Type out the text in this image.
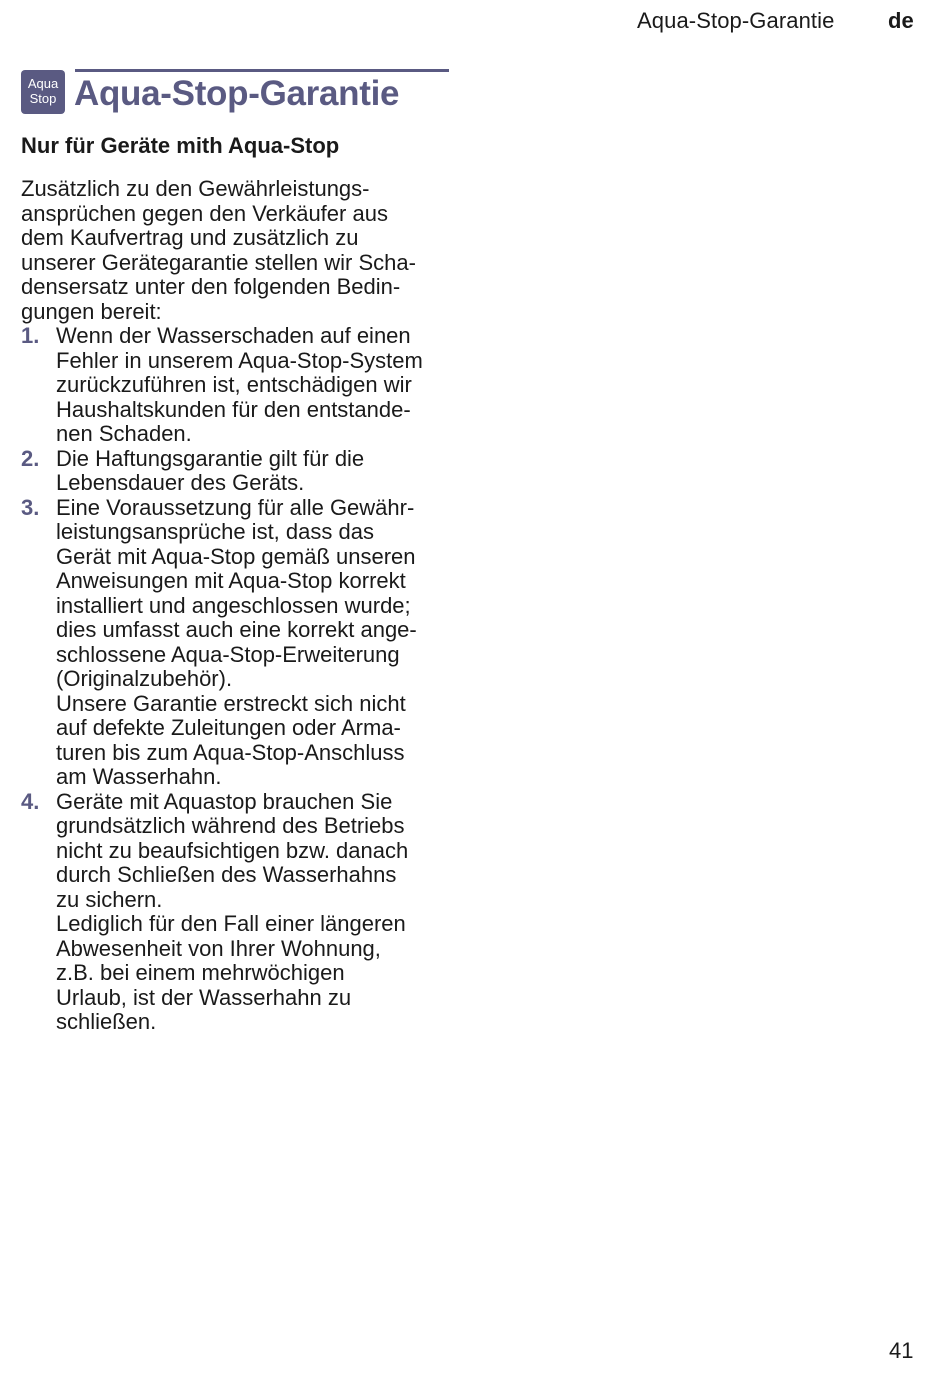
Aqua-Stop-Garantie de
Aqua
Stop Aqua-Stop-Garantie
Nur für Geräte mith Aqua-Stop

Zusätzlich zu den Gewährleistungs-
ansprüchen gegen den Verkäufer aus
dem Kaufvertrag und zusätzlich zu
unserer Gerätegarantie stellen wir Scha-
densersatz unter den folgenden Bedin-
gungen bereit:

1. Wenn der Wasserschaden auf einen
Fehler in unserem Aqua-Stop-System
zurückzuführen ist, entschädigen wir
Haushaltskunden für den entstande-
nen Schaden.
2. Die Haftungsgarantie gilt für die
Lebensdauer des Geräts.
3. Eine Voraussetzung für alle Gewähr-
leistungsansprüche ist, dass das
Gerät mit Aqua-Stop gemäß unseren
Anweisungen mit Aqua-Stop korrekt
installiert und angeschlossen wurde;
dies umfasst auch eine korrekt ange-
schlossene Aqua-Stop-Erweiterung
(Originalzubehör).
Unsere Garantie erstreckt sich nicht
auf defekte Zuleitungen oder Arma-
turen bis zum Aqua-Stop-Anschluss
am Wasserhahn.
4. Geräte mit Aquastop brauchen Sie
grundsätzlich während des Betriebs
nicht zu beaufsichtigen bzw. danach
durch Schließen des Wasserhahns
zu sichern.
Lediglich für den Fall einer längeren
Abwesenheit von Ihrer Wohnung,
z.B. bei einem mehrwöchigen
Urlaub, ist der Wasserhahn zu
schließen.
41
